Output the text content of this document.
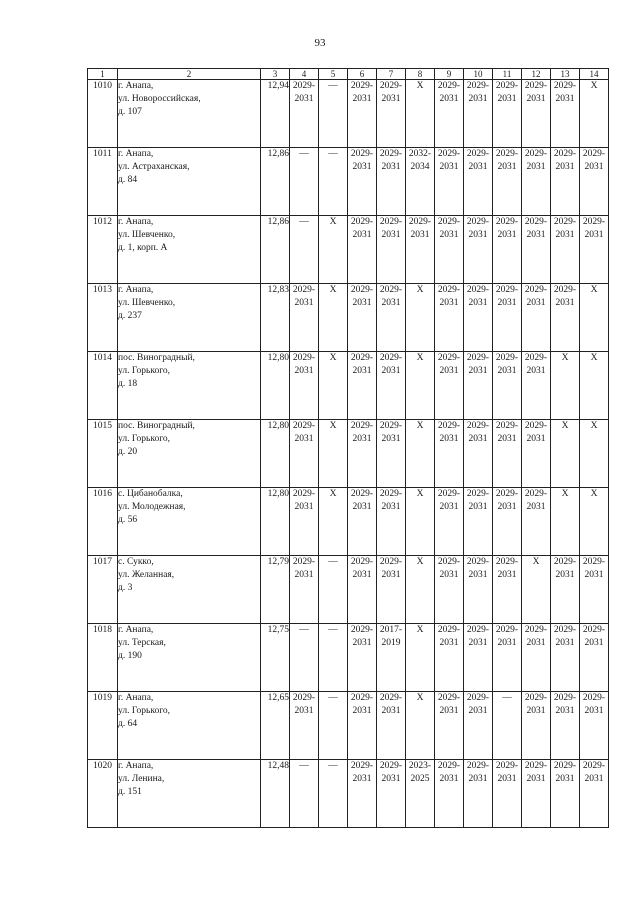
93
1	2	3	4	5	6	7	8	9	10	11	12	13	14
1010	г. Анапа,
ул. Новороссийская,
д. 107	12,94	2029-
2031	—	2029-
2031	2029-
2031	X	2029-
2031	2029-
2031	2029-
2031	2029-
2031	2029-
2031	X

1011	г. Анапа,
ул. Астраханская,
д. 84	12,86	—	—	2029-
2031	2029-
2031	2032-
2034	2029-
2031	2029-
2031	2029-
2031	2029-
2031	2029-
2031	2029-
2031

1012	г. Анапа,
ул. Шевченко,
д. 1, корп. А	12,86	—	X	2029-
2031	2029-
2031	2029-
2031	2029-
2031	2029-
2031	2029-
2031	2029-
2031	2029-
2031	2029-
2031

1013	г. Анапа,
ул. Шевченко,
д. 237	12,83	2029-
2031	X	2029-
2031	2029-
2031	X	2029-
2031	2029-
2031	2029-
2031	2029-
2031	2029-
2031	X

1014	пос. Виноградный,
ул. Горького,
д. 18	12,80	2029-
2031	X	2029-
2031	2029-
2031	X	2029-
2031	2029-
2031	2029-
2031	2029-
2031	X	X

1015	пос. Виноградный,
ул. Горького,
д. 20	12,80	2029-
2031	X	2029-
2031	2029-
2031	X	2029-
2031	2029-
2031	2029-
2031	2029-
2031	X	X

1016	с. Цибанобалка,
ул. Молодежная,
д. 56	12,80	2029-
2031	X	2029-
2031	2029-
2031	X	2029-
2031	2029-
2031	2029-
2031	2029-
2031	X	X

1017	с. Сукко,
ул. Желанная,
д. 3	12,79	2029-
2031	—	2029-
2031	2029-
2031	X	2029-
2031	2029-
2031	2029-
2031	X	2029-
2031	2029-
2031

1018	г. Анапа,
ул. Терская,
д. 190	12,75	—	—	2029-
2031	2017-
2019	X	2029-
2031	2029-
2031	2029-
2031	2029-
2031	2029-
2031	2029-
2031

1019	г. Анапа,
ул. Горького,
д. 64	12,65	2029-
2031	—	2029-
2031	2029-
2031	X	2029-
2031	2029-
2031	—	2029-
2031	2029-
2031	2029-
2031

1020	г. Анапа,
ул. Ленина,
д. 151	12,48	—	—	2029-
2031	2029-
2031	2023-
2025	2029-
2031	2029-
2031	2029-
2031	2029-
2031	2029-
2031	2029-
2031
